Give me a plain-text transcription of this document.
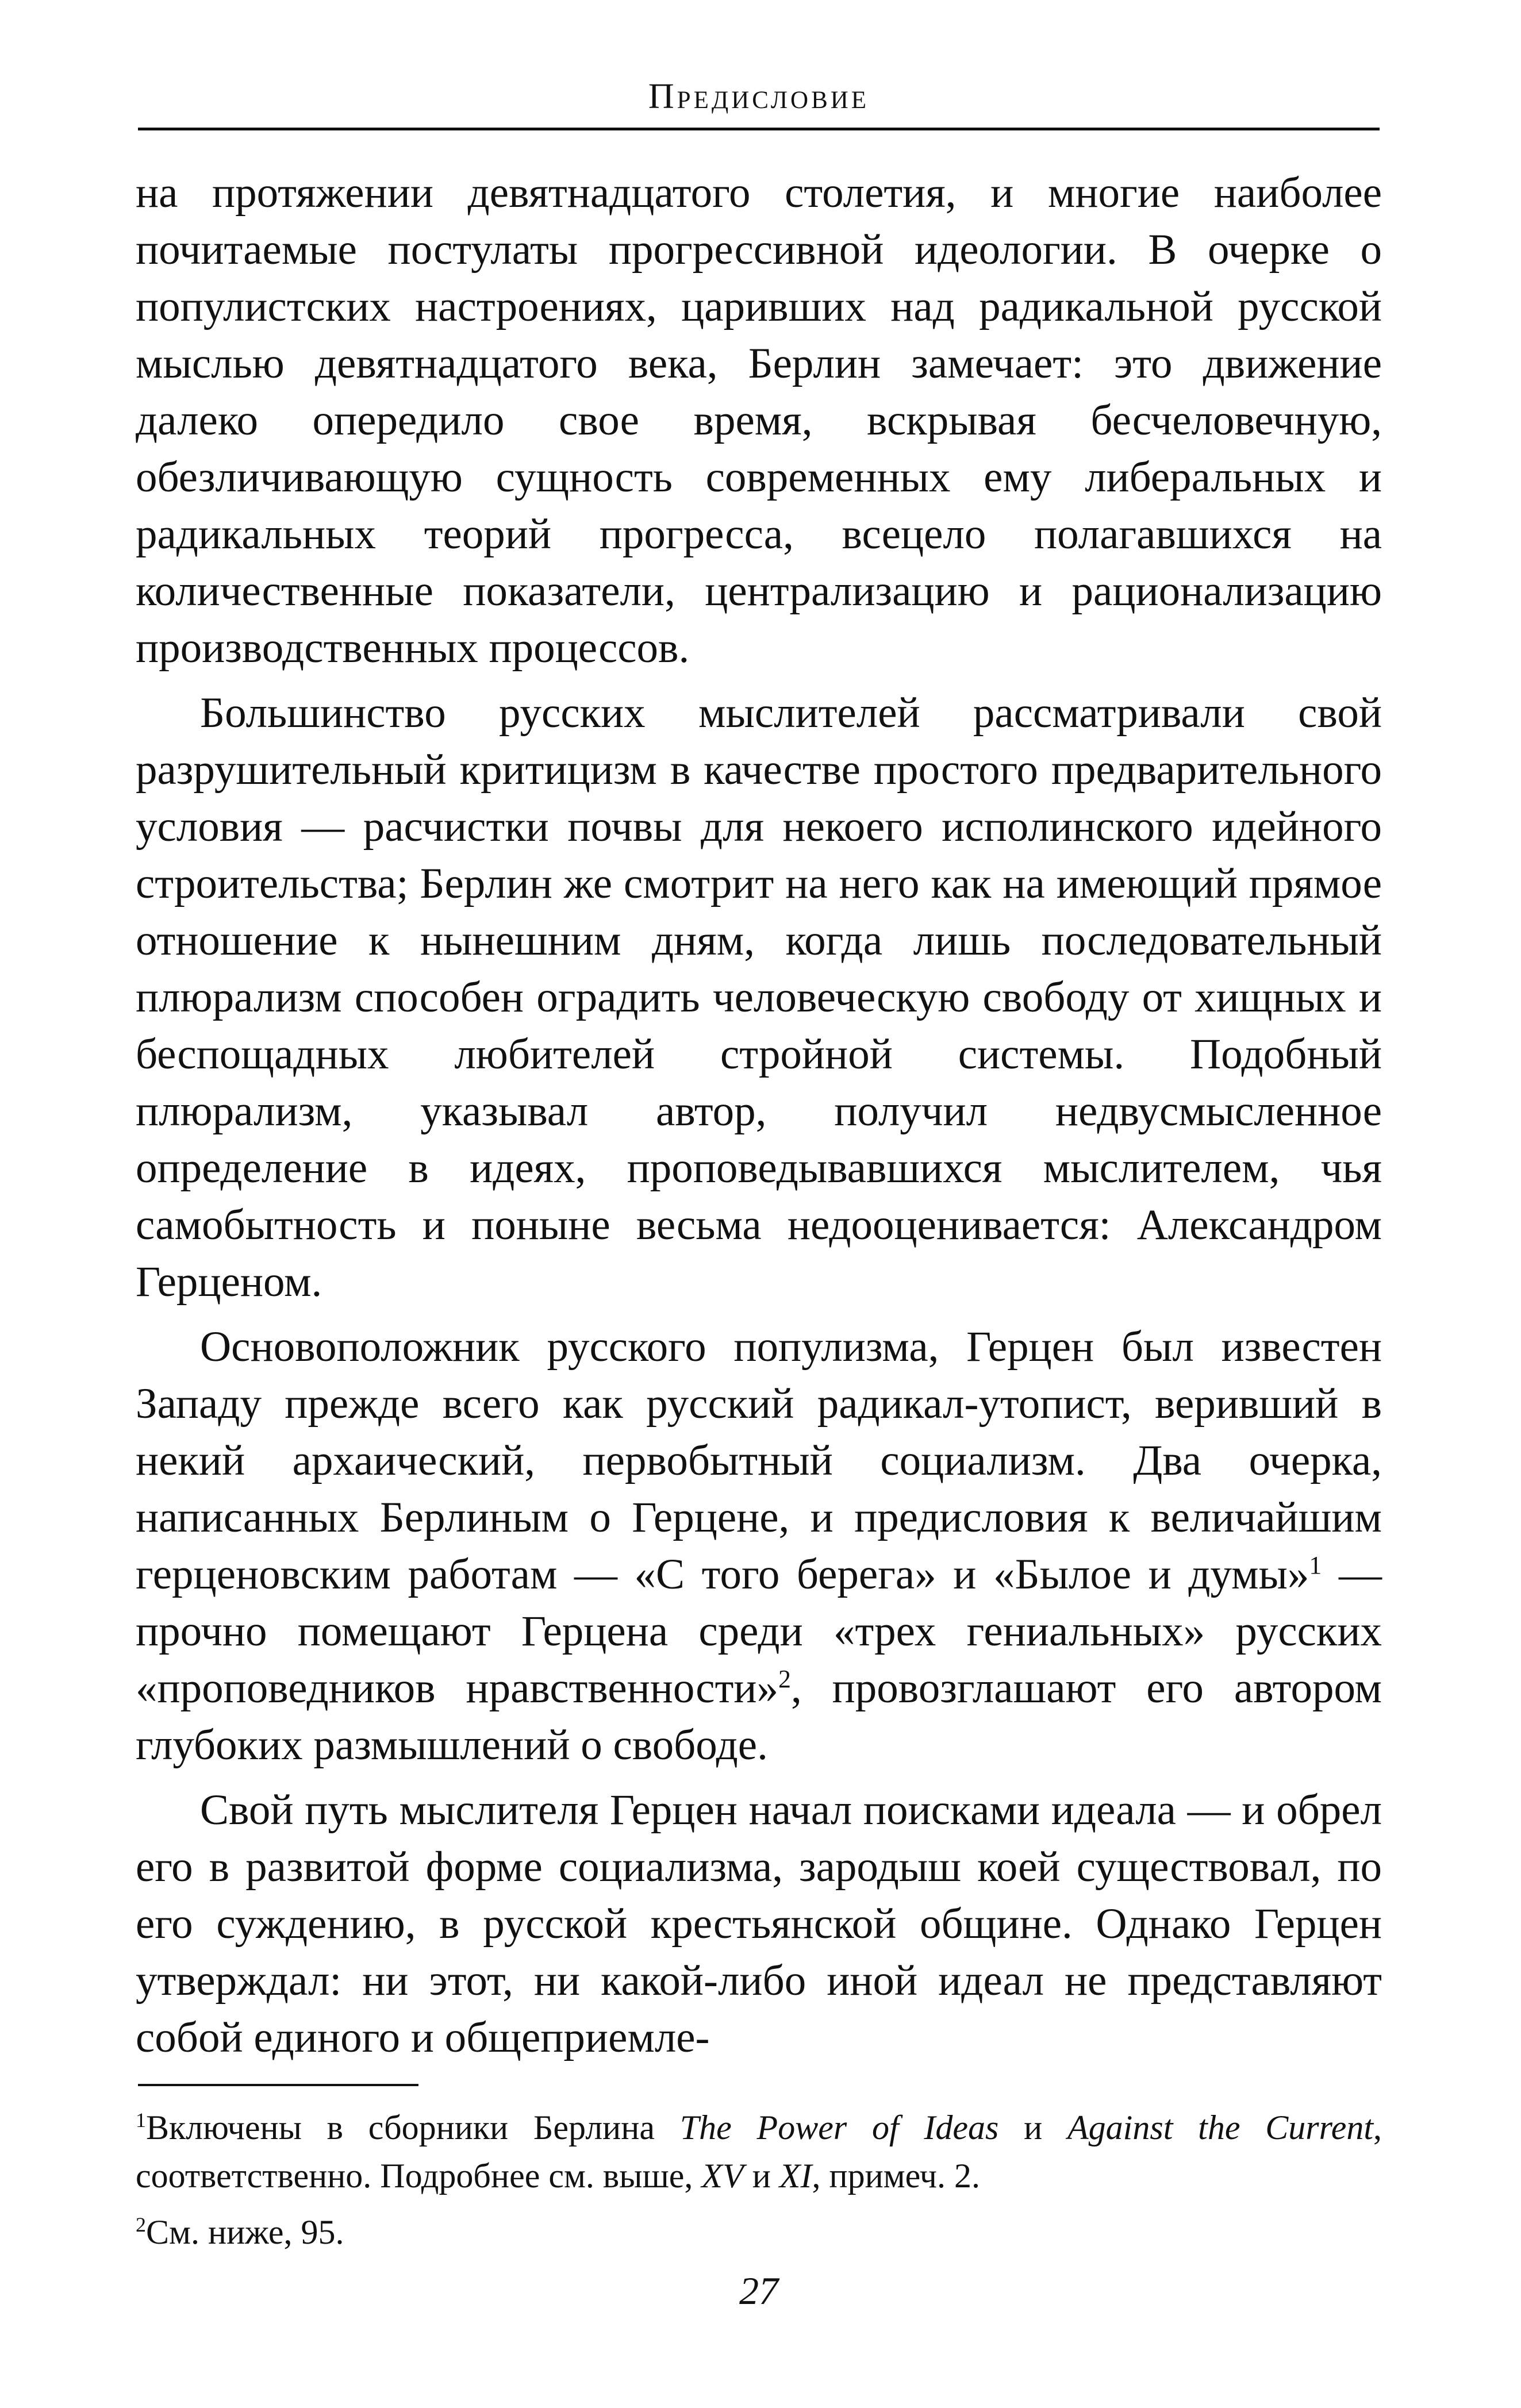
Предисловие

на протяжении девятнадцатого столетия, и многие наиболее почитаемые постулаты прогрессивной идеологии. В очерке о популистских настроениях, царивших над радикальной русской мыслью девятнадцатого века, Берлин замечает: это движение далеко опередило свое время, вскрывая бесчеловечную, обезличивающую сущность современных ему либеральных и радикальных теорий прогресса, всецело полагавшихся на количественные показатели, централизацию и рационализацию производственных процессов.

Большинство русских мыслителей рассматривали свой разрушительный критицизм в качестве простого предварительного условия — расчистки почвы для некоего исполинского идейного строительства; Берлин же смотрит на него как на имеющий прямое отношение к нынешним дням, когда лишь последовательный плюрализм способен оградить человеческую свободу от хищных и беспощадных любителей стройной системы. Подобный плюрализм, указывал автор, получил недвусмысленное определение в идеях, проповедывавшихся мыслителем, чья самобытность и поныне весьма недооценивается: Александром Герценом.

Основоположник русского популизма, Герцен был известен Западу прежде всего как русский радикал-утопист, веривший в некий архаический, первобытный социализм. Два очерка, написанных Берлиным о Герцене, и предисловия к величайшим герценовским работам — «С того берега» и «Былое и думы»$^1$ — прочно помещают Герцена среди «трех гениальных» русских «проповедников нравственности»$^2$, провозглашают его автором глубоких размышлений о свободе.

Свой путь мыслителя Герцен начал поисками идеала — и обрел его в развитой форме социализма, зародыш коей существовал, по его суждению, в русской крестьянской общине. Однако Герцен утверждал: ни этот, ни какой-либо иной идеал не представляют собой единого и общеприемле-

$^1$Включены в сборники Берлина The Power of Ideas и Against the Current, соответственно. Подробнее см. выше, XV и XI, примеч. 2.

$^2$См. ниже, 95.

27
